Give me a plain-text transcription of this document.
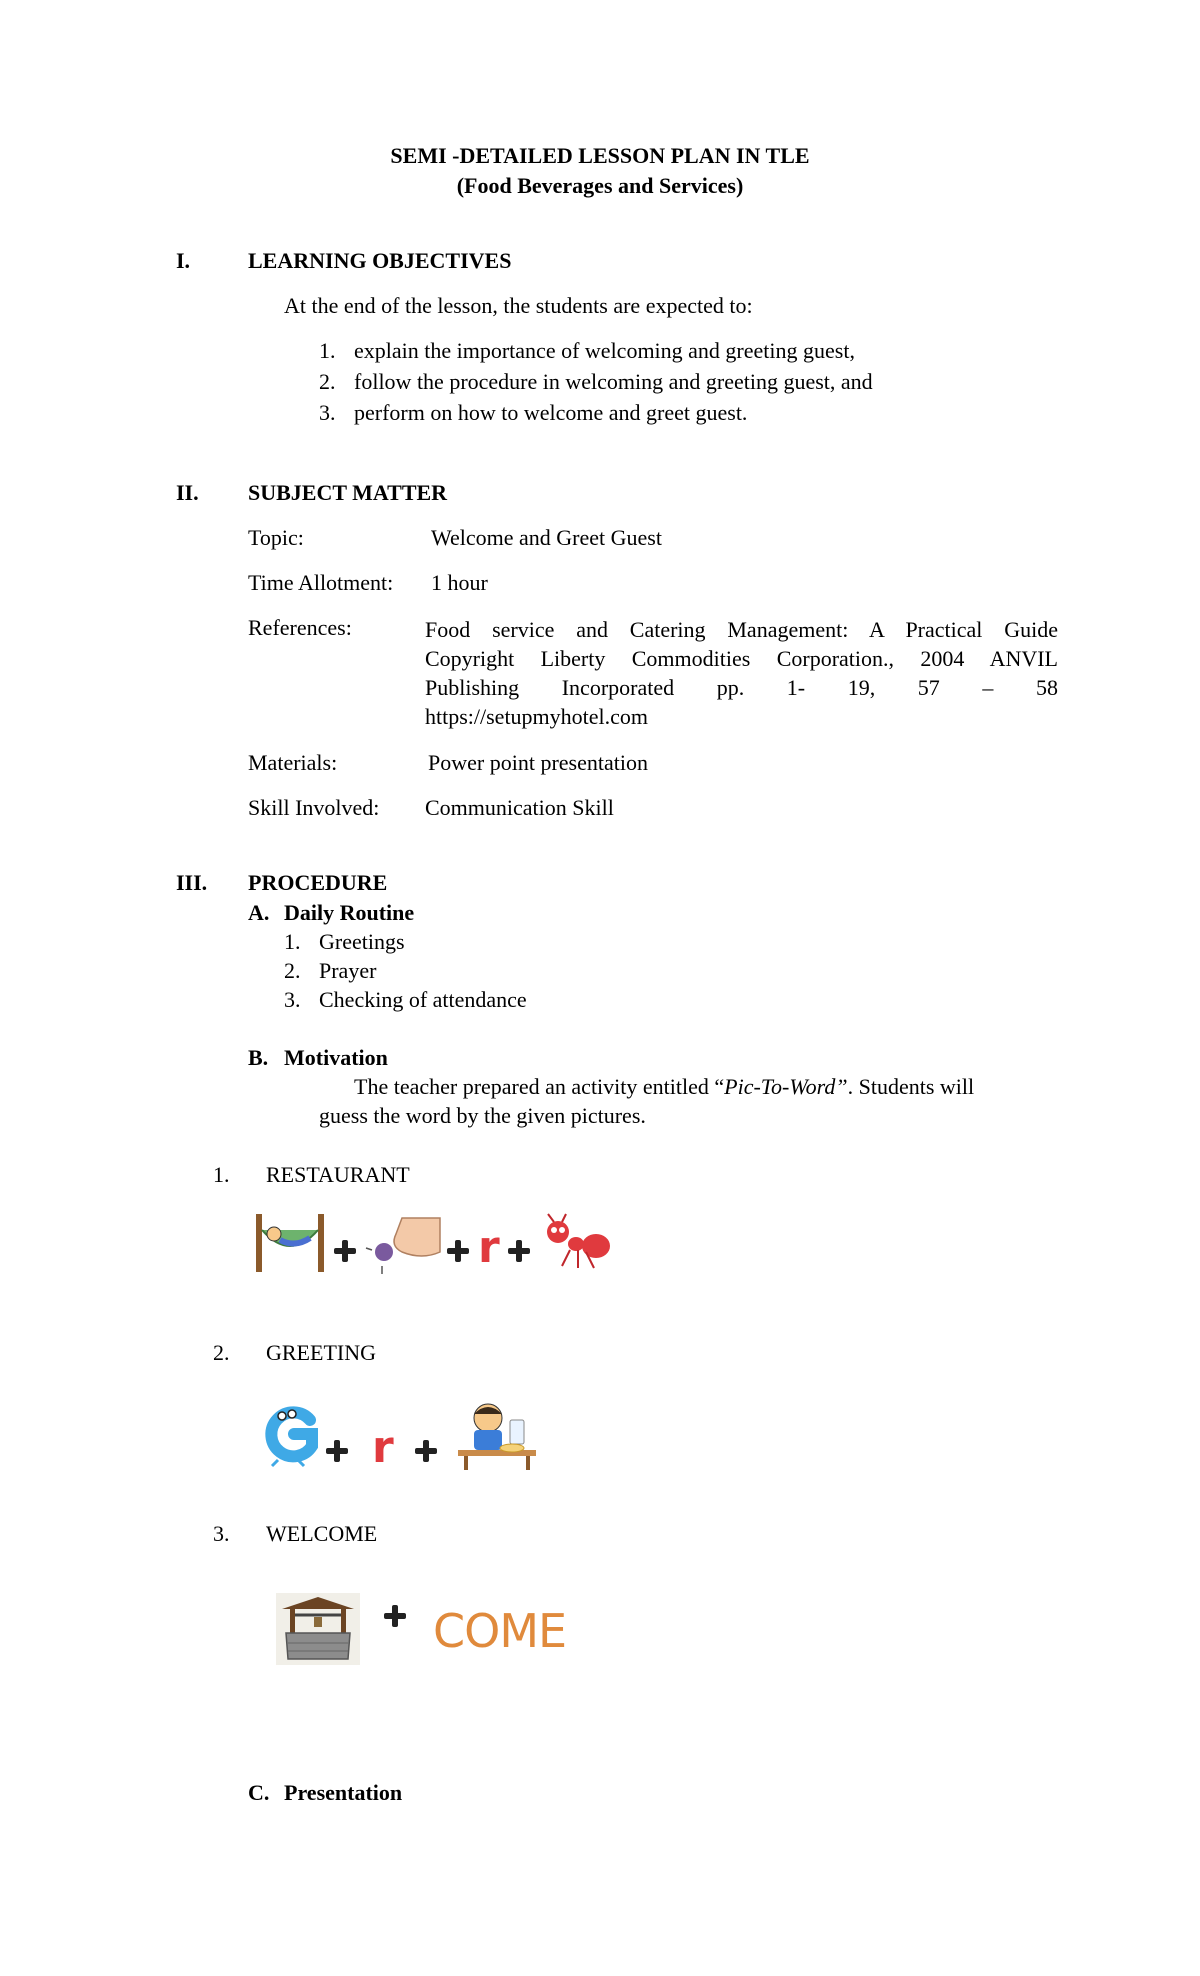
SEMI -DETAILED LESSON PLAN IN TLE
(Food Beverages and Services)
I.	LEARNING OBJECTIVES
At the end of the lesson, the students are expected to:
1. explain the importance of welcoming and greeting guest,
2. follow the procedure in welcoming and greeting guest, and
3. perform on how to welcome and greet guest.
II. SUBJECT MATTER
Topic:	Welcome and Greet Guest
Time Allotment: 1 hour
References:	Food service and Catering Management: A Practical Guide
Copyright Liberty Commodities Corporation., 2004 ANVIL
Publishing Incorporated pp. 1- 19, 57 – 58
https://setupmyhotel.com
Materials:	Power point presentation
Skill Involved: Communication Skill
III. PROCEDURE
A. Daily Routine
1. Greetings
2. Prayer
3. Checking of attendance
B. Motivation
The teacher prepared an activity entitled “Pic-To-Word”. Students will
guess the word by the given pictures.
1. RESTAURANT
r
2. GREETING
r
3. WELCOME
COME
C. Presentation
